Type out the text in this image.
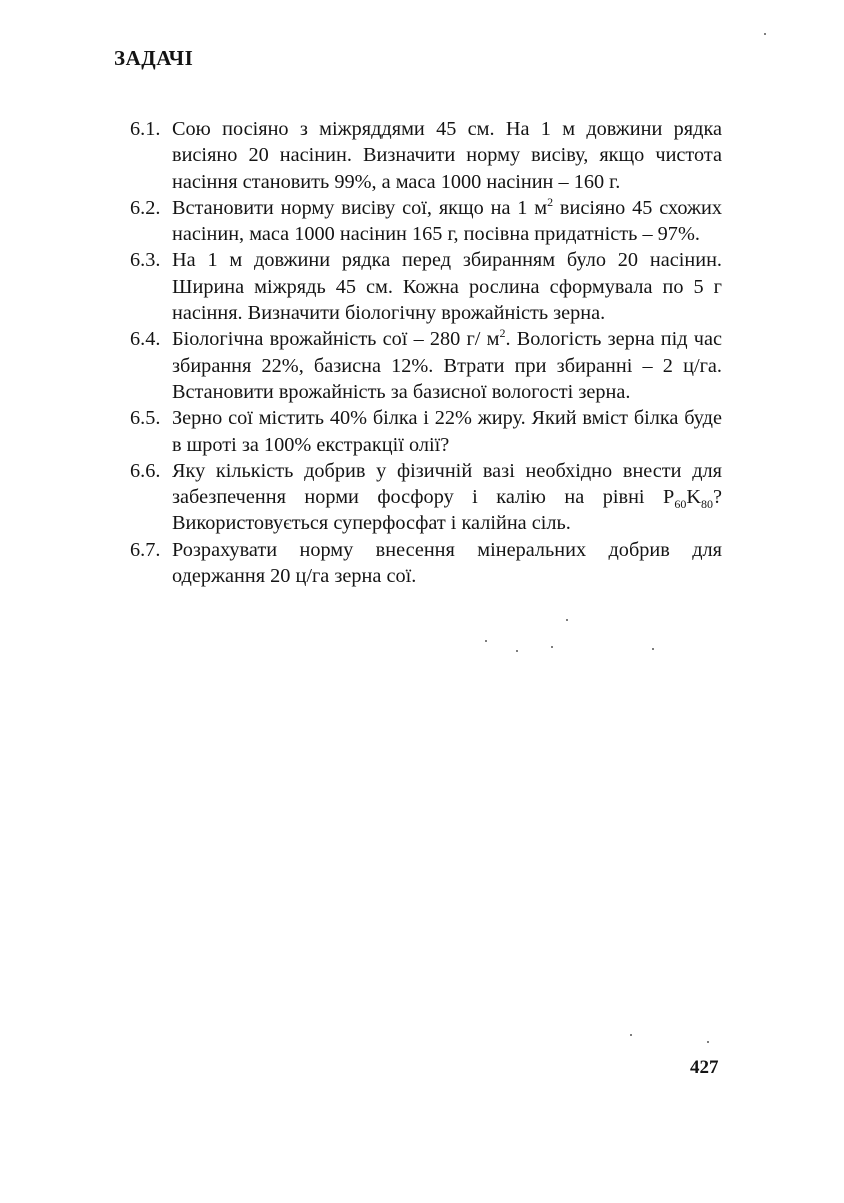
ЗАДАЧІ
6.1. Сою посіяно з міжряддями 45 см. На 1 м довжини рядка висіяно 20 насінин. Визначити норму висіву, якщо чистота насіння становить 99%, а маса 1000 насінин – 160 г.
6.2. Встановити норму висіву сої, якщо на 1 $м^2$ висіяно 45 схожих насінин, маса 1000 насінин 165 г, посівна придатність – 97%.
6.3. На 1 м довжини рядка перед збиранням було 20 насінин. Ширина міжрядь 45 см. Кожна рослина сформувала по 5 г насіння. Визначити біологічну врожайність зерна.
6.4. Біологічна врожайність сої – 280 г/ $м^2$. Вологість зерна під час збирання 22%, базисна 12%. Втрати при збиранні – 2 ц/га. Встановити врожайність за базисної вологості зерна.
6.5. Зерно сої містить 40% білка і 22% жиру. Який вміст білка буде в шроті за 100% екстракції олії?
6.6. Яку кількість добрив у фізичній вазі необхідно внести для забезпечення норми фосфору і калію на рівні $P_{60}K_{80}$? Використовується суперфосфат і калійна сіль.
6.7. Розрахувати норму внесення мінеральних добрив для одержання 20 ц/га зерна сої.
427
